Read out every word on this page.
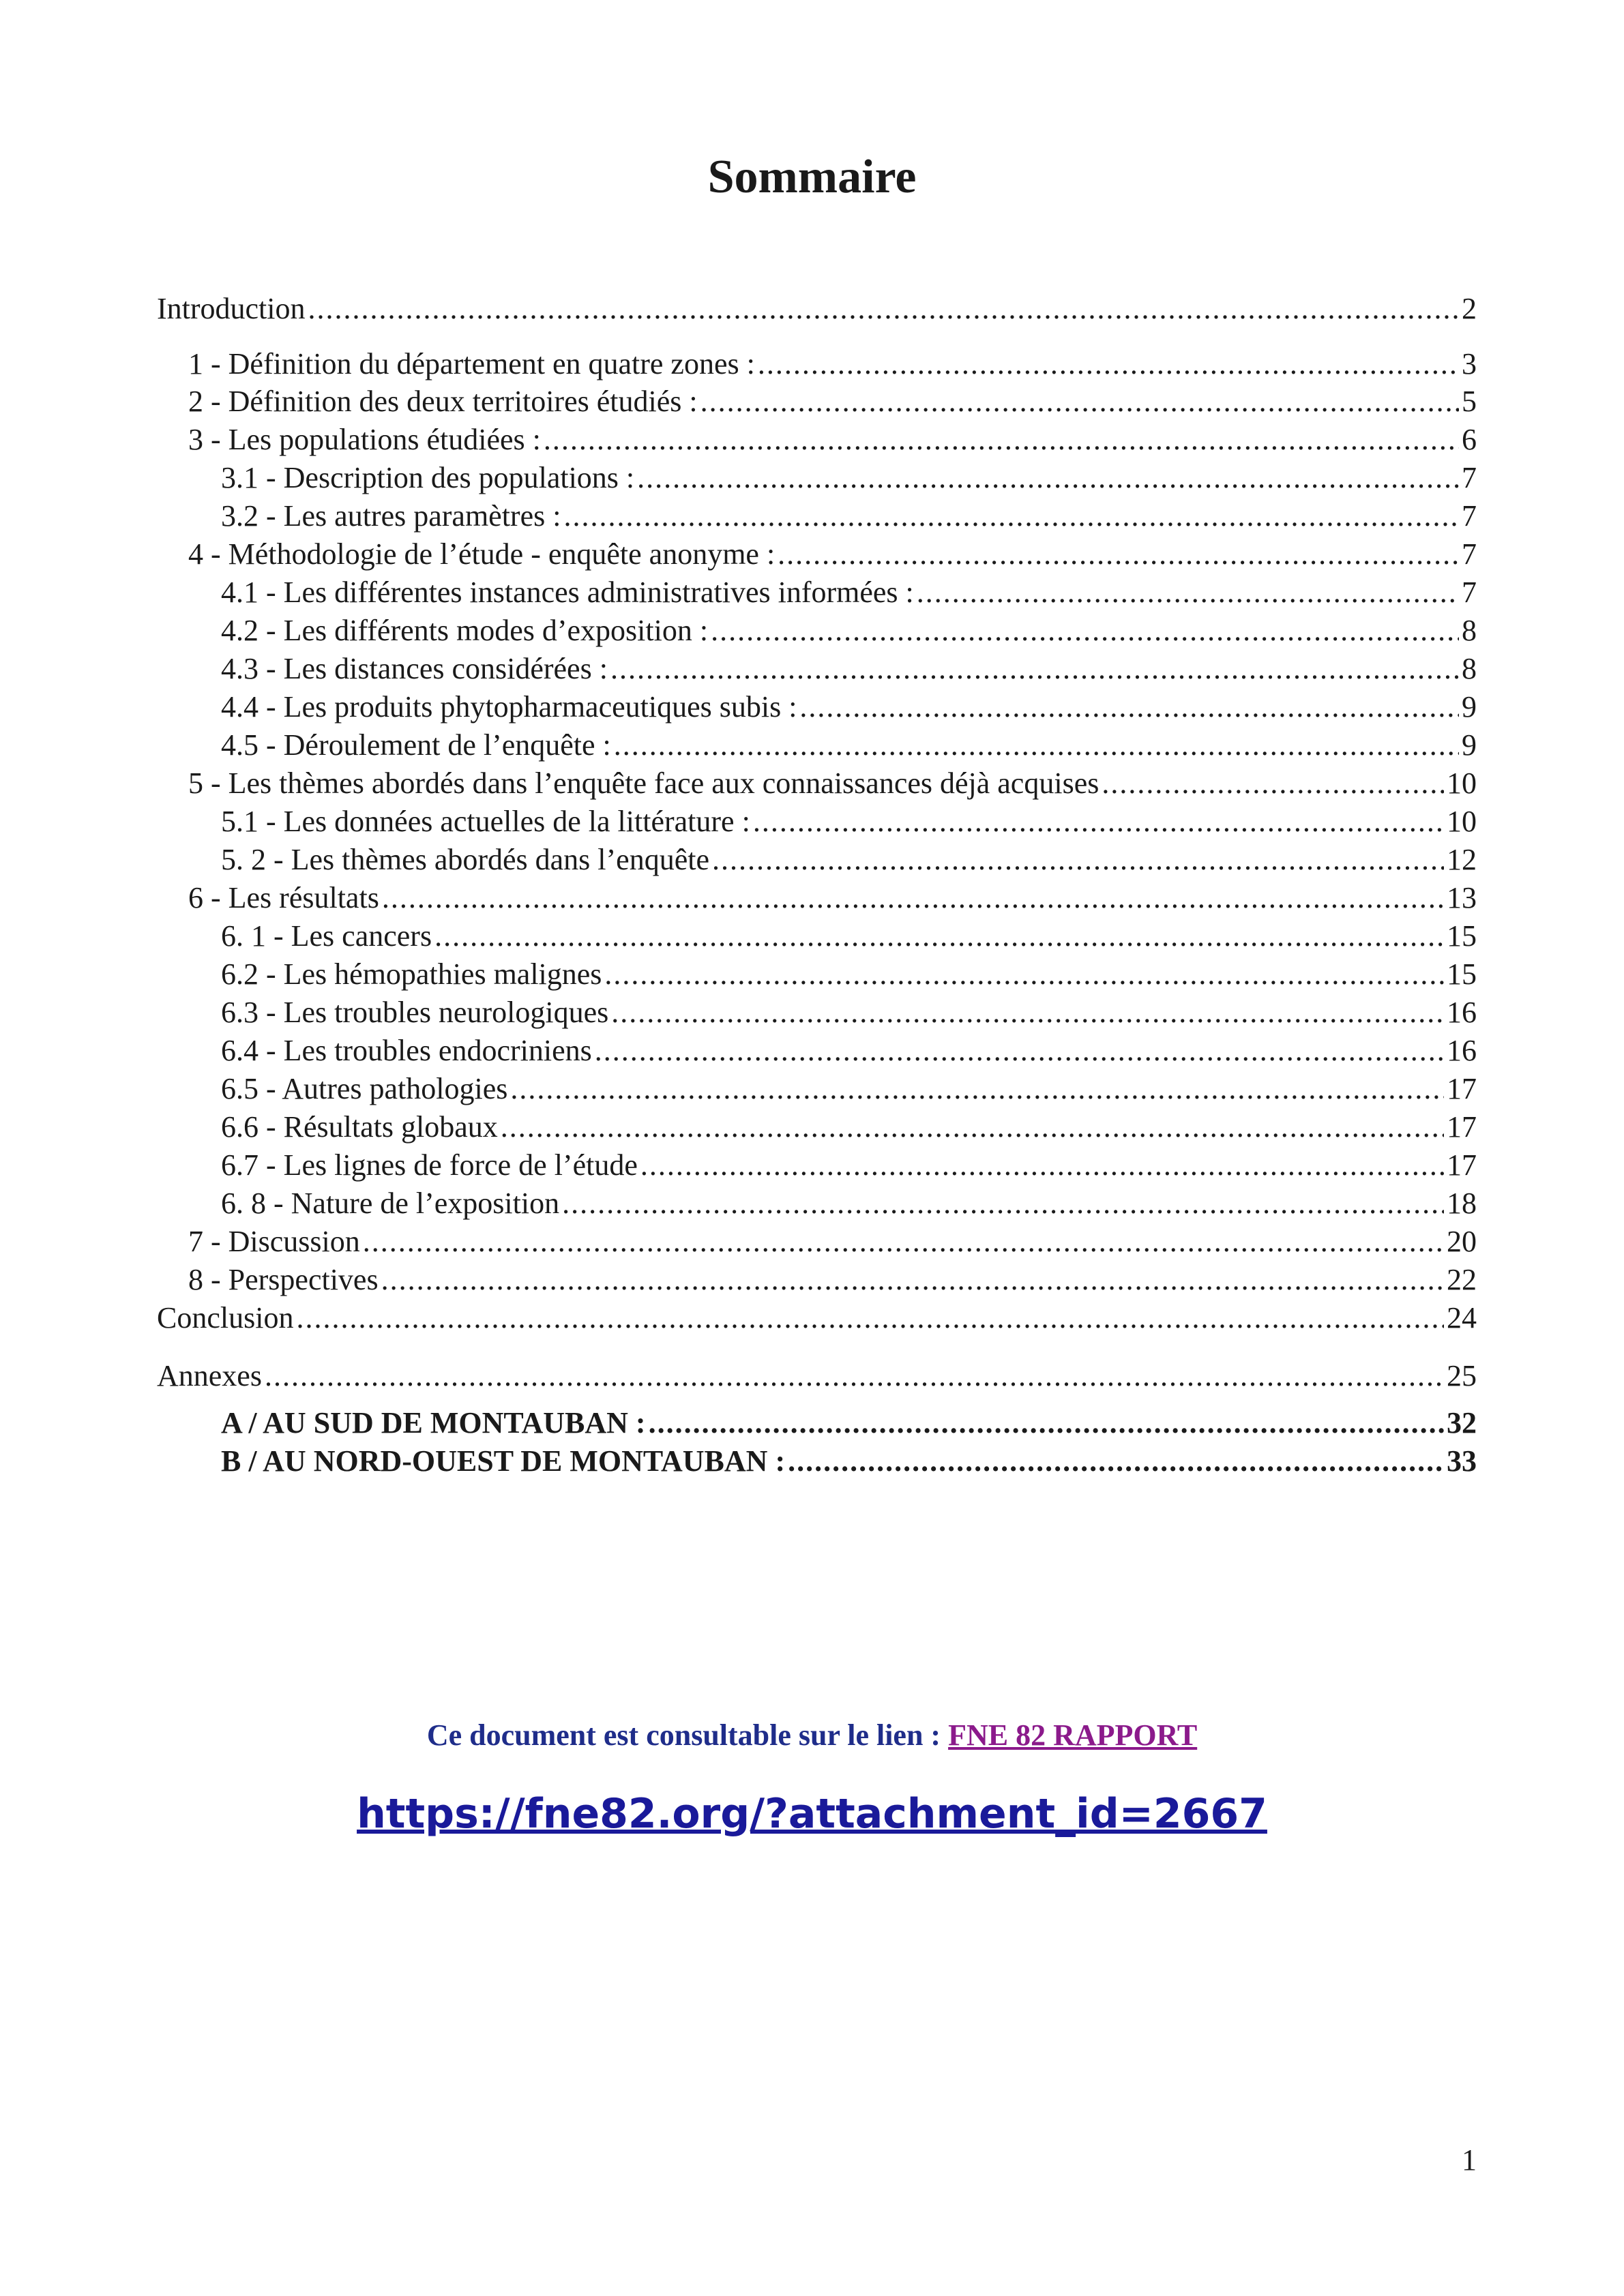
Sommaire
Introduction .....	2
1 - Définition du département en quatre zones : .....	3
2 - Définition des deux territoires étudiés : .....	5
3 - Les populations étudiées : .....	6
3.1 - Description des populations : .....	7
3.2 - Les autres paramètres : .....	7
4 - Méthodologie de l’étude - enquête anonyme : .....	7
4.1 - Les différentes instances administratives informées : .....	7
4.2 - Les différents modes d’exposition : .....	8
4.3 - Les distances considérées : .....	8
4.4 - Les produits phytopharmaceutiques subis : .....	9
4.5 - Déroulement de l’enquête : .....	9
5 - Les thèmes abordés dans l’enquête face aux connaissances déjà acquises .....	10
5.1 - Les données actuelles de la littérature : .....	10
5. 2 - Les thèmes abordés dans l’enquête .....	12
6 - Les résultats .....	13
6. 1 - Les cancers .....	15
6.2 - Les hémopathies malignes .....	15
6.3 - Les troubles neurologiques .....	16
6.4 - Les troubles endocriniens .....	16
6.5 - Autres pathologies .....	17
6.6 - Résultats globaux .....	17
6.7 - Les lignes de force de l’étude .....	17
6. 8 - Nature de l’exposition .....	18
7 - Discussion .....	20
8 - Perspectives .....	22
Conclusion .....	24
Annexes .....	25
A / AU SUD DE MONTAUBAN : .....	32
B / AU NORD-OUEST DE MONTAUBAN : .....	33
Ce document est consultable sur le lien : FNE 82 RAPPORT
https://fne82.org/?attachment_id=2667
1
